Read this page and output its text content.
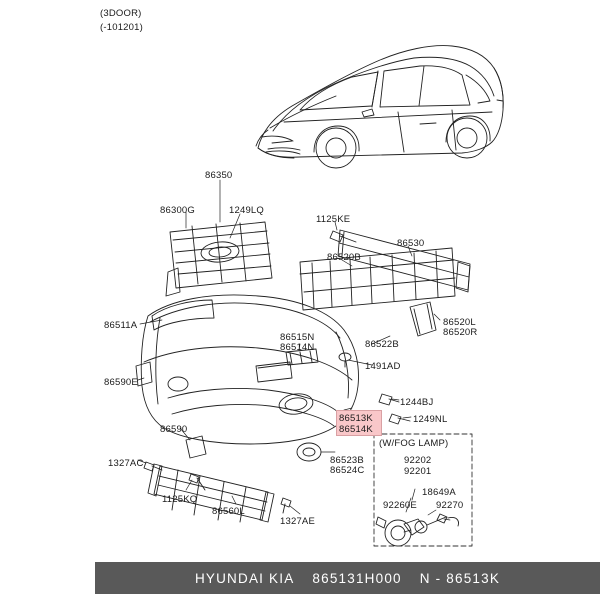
86513K
86514K
(3DOOR)
(-101201)
(W/FOG LAMP)
92202
92201
18649A
92260E 92270
86350
86300G	1249LQ
1125KE
86530
86520B
86511A
86515N
86514N
86520L
86520R
86522B
1491AD
86590E
1244BJ
1249NL
86590
1327AC
1125KQ
86560L
1327AE
86523B
86524C
HYUNDAI KIA 865131H000 N - 86513K
